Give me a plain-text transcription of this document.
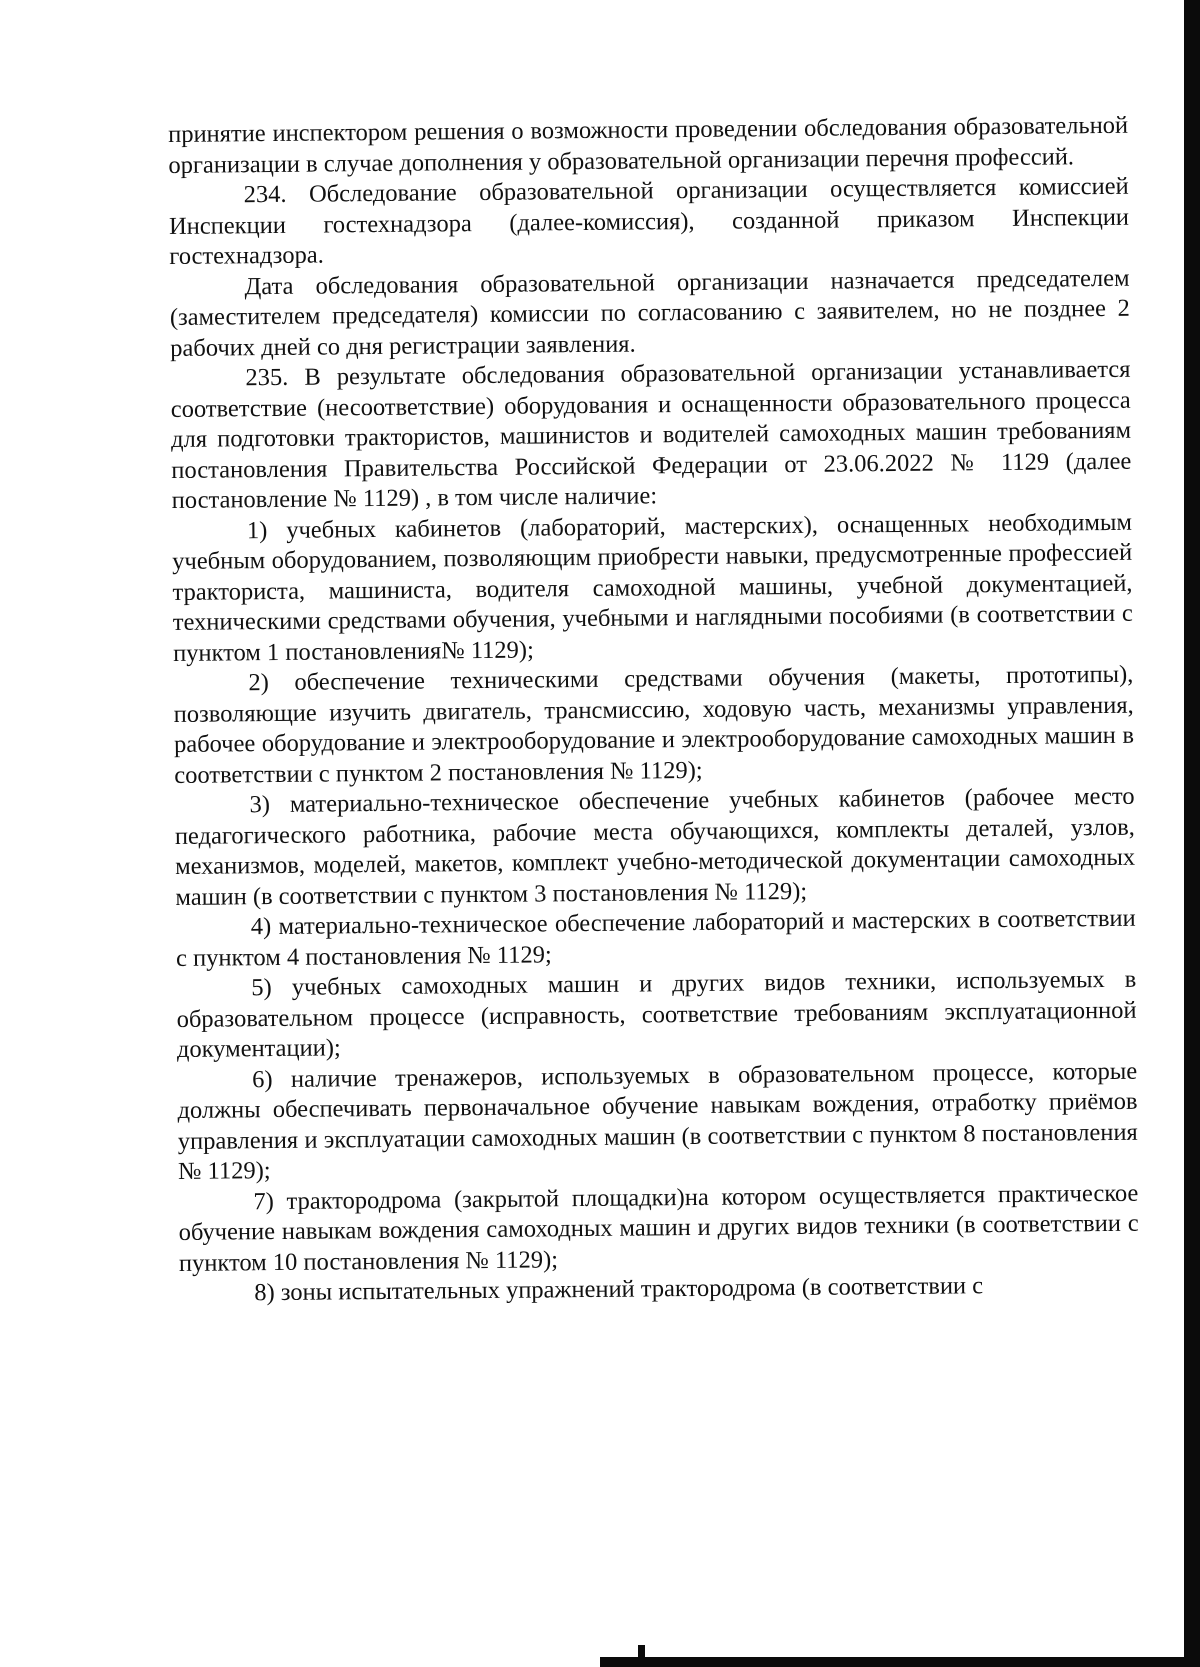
принятие инспектором решения о возможности проведении обследования образовательной организации в случае дополнения у образовательной организации перечня профессий.

234. Обследование образовательной организации осуществляется комиссией Инспекции гостехнадзора (далее-комиссия), созданной приказом Инспекции гостехнадзора.

Дата обследования образовательной организации назначается председателем (заместителем председателя) комиссии по согласованию с заявителем, но не позднее 2 рабочих дней со дня регистрации заявления.

235. В результате обследования образовательной организации устанавливается соответствие (несоответствие) оборудования и оснащенности образовательного процесса для подготовки трактористов, машинистов и водителей самоходных машин требованиям постановления Правительства Российской Федерации от 23.06.2022 № 1129 (далее постановление № 1129) , в том числе наличие:

1) учебных кабинетов (лабораторий, мастерских), оснащенных необходимым учебным оборудованием, позволяющим приобрести навыки, предусмотренные профессией тракториста, машиниста, водителя самоходной машины, учебной документацией, техническими средствами обучения, учебными и наглядными пособиями (в соответствии с пунктом 1 постановления№ 1129);

2) обеспечение техническими средствами обучения (макеты, прототипы), позволяющие изучить двигатель, трансмиссию, ходовую часть, механизмы управления, рабочее оборудование и электрооборудование и электрооборудование самоходных машин в соответствии с пунктом 2 постановления № 1129);

3) материально-техническое обеспечение учебных кабинетов (рабочее место педагогического работника, рабочие места обучающихся, комплекты деталей, узлов, механизмов, моделей, макетов, комплект учебно-методической документации самоходных машин (в соответствии с пунктом 3 постановления № 1129);

4) материально-техническое обеспечение лабораторий и мастерских в соответствии с пунктом 4 постановления № 1129;

5) учебных самоходных машин и других видов техники, используемых в образовательном процессе (исправность, соответствие требованиям эксплуатационной документации);

6) наличие тренажеров, используемых в образовательном процессе, которые должны обеспечивать первоначальное обучение навыкам вождения, отработку приёмов управления и эксплуатации самоходных машин (в соответствии с пунктом 8 постановления № 1129);

7) трактородрома (закрытой площадки)на котором осуществляется практическое обучение навыкам вождения самоходных машин и других видов техники (в соответствии с пунктом 10 постановления № 1129);

8) зоны испытательных упражнений трактородрома (в соответствии с
